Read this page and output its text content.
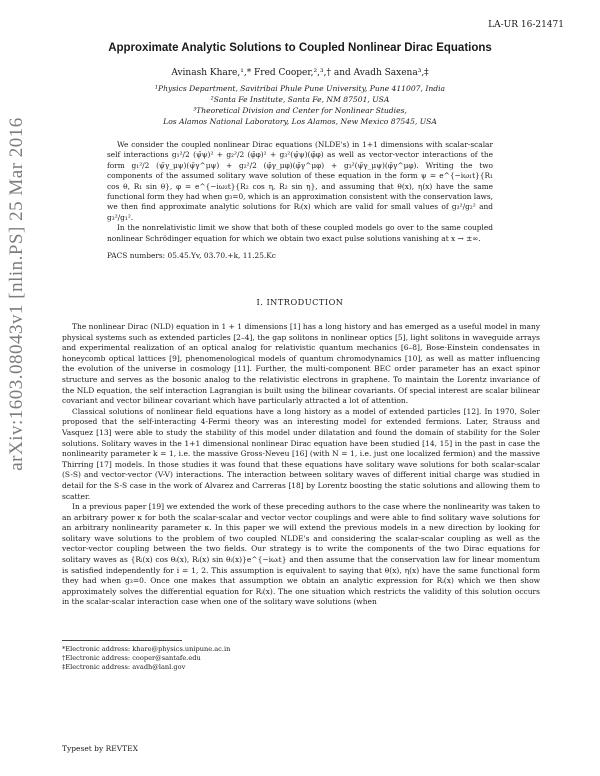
LA-UR 16-21471
arXiv:1603.08043v1 [nlin.PS] 25 Mar 2016
Approximate Analytic Solutions to Coupled Nonlinear Dirac Equations
Avinash Khare,¹,* Fred Cooper,²,³,† and Avadh Saxena³,‡
¹Physics Department, Savitribai Phule Pune University, Pune 411007, India
²Santa Fe Institute, Santa Fe, NM 87501, USA
³Theoretical Division and Center for Nonlinear Studies,
Los Alamos National Laboratory, Los Alamos, New Mexico 87545, USA

We consider the coupled nonlinear Dirac equations (NLDE's) in 1+1 dimensions with scalar-scalar self interactions g₁²/2 (ψ̄ψ)² + g₂²/2 (φ̄φ)² + g₃²(ψ̄ψ)(φ̄φ) as well as vector-vector interactions of the form g₁²/2 (ψ̄γ_μψ)(ψ̄γ^μψ) + g₂²/2 (φ̄γ_μφ)(φ̄γ^μφ) + g₃²(ψ̄γ_μψ)(φ̄γ^μφ). Writing the two components of the assumed solitary wave solution of these equation in the form ψ = e^{−iω₁t}{R₁ cos θ, R₁ sin θ}, φ = e^{−iω₂t}{R₂ cos η, R₂ sin η}, and assuming that θ(x), η(x) have the same functional form they had when g₃=0, which is an approximation consistent with the conservation laws, we then find approximate analytic solutions for Rᵢ(x) which are valid for small values of g₃²/g₂² and g₃²/g₁².

In the nonrelativistic limit we show that both of these coupled models go over to the same coupled nonlinear Schrödinger equation for which we obtain two exact pulse solutions vanishing at x → ±∞.

PACS numbers: 05.45.Yv, 03.70.+k, 11.25.Kc
I. INTRODUCTION

The nonlinear Dirac (NLD) equation in 1 + 1 dimensions [1] has a long history and has emerged as a useful model in many physical systems such as extended particles [2–4], the gap solitons in nonlinear optics [5], light solitons in waveguide arrays and experimental realization of an optical analog for relativistic quantum mechanics [6–8], Bose-Einstein condensates in honeycomb optical lattices [9], phenomenological models of quantum chromodynamics [10], as well as matter influencing the evolution of the universe in cosmology [11]. Further, the multi-component BEC order parameter has an exact spinor structure and serves as the bosonic analog to the relativistic electrons in graphene. To maintain the Lorentz invariance of the NLD equation, the self interaction Lagrangian is built using the bilinear covariants. Of special interest are scalar bilinear covariant and vector bilinear covariant which have particularly attracted a lot of attention.

Classical solutions of nonlinear field equations have a long history as a model of extended particles [12]. In 1970, Soler proposed that the self-interacting 4-Fermi theory was an interesting model for extended fermions. Later, Strauss and Vasquez [13] were able to study the stability of this model under dilatation and found the domain of stability for the Soler solutions. Solitary waves in the 1+1 dimensional nonlinear Dirac equation have been studied [14, 15] in the past in case the nonlinearity parameter k = 1, i.e. the massive Gross-Neveu [16] (with N = 1, i.e. just one localized fermion) and the massive Thirring [17] models. In those studies it was found that these equations have solitary wave solutions for both scalar-scalar (S-S) and vector-vector (V-V) interactions. The interaction between solitary waves of different initial charge was studied in detail for the S-S case in the work of Alvarez and Carreras [18] by Lorentz boosting the static solutions and allowing them to scatter.

In a previous paper [19] we extended the work of these preceding authors to the case where the nonlinearity was taken to an arbitrary power κ for both the scalar-scalar and vector vector couplings and were able to find solitary wave solutions for an arbitrary nonlinearity parameter κ. In this paper we will extend the previous models in a new direction by looking for solitary wave solutions to the problem of two coupled NLDE's and considering the scalar-scalar coupling as well as the vector-vector coupling between the two fields. Our strategy is to write the components of the two Dirac equations for solitary waves as {Rᵢ(x) cos θᵢ(x), Rᵢ(x) sin θᵢ(x)}e^{−iωᵢt} and then assume that the conservation law for linear momentum is satisfied independently for i = 1, 2. This assumption is equivalent to saying that θ(x), η(x) have the same functional form they had when g₃=0. Once one makes that assumption we obtain an analytic expression for Rᵢ(x) which we then show approximately solves the differential equation for Rᵢ(x). The one situation which restricts the validity of this solution occurs in the scalar-scalar interaction case when one of the solitary wave solutions (when

*Electronic address: khare@physics.unipune.ac.in
†Electronic address: cooper@santafe.edu
‡Electronic address: avadh@lanl.gov
Typeset by REVTEX
